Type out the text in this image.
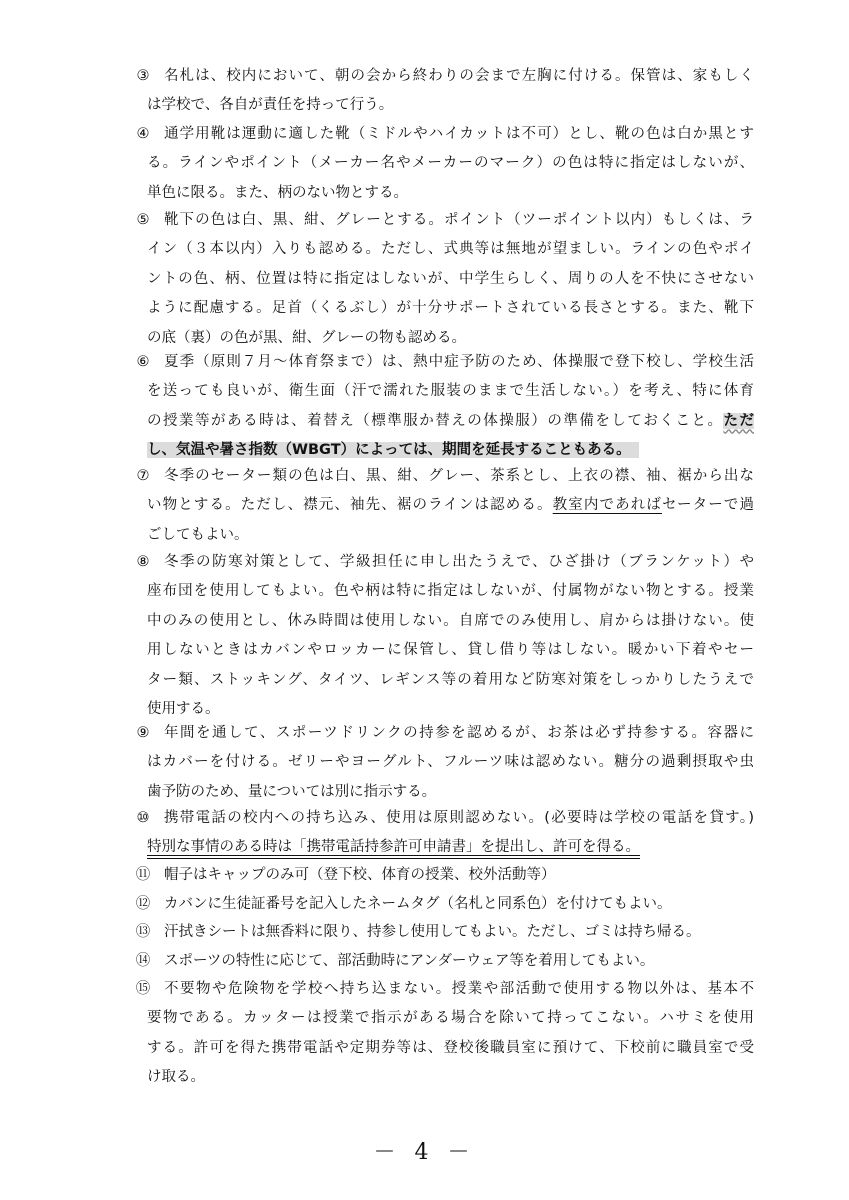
③	名札は、校内において、朝の会から終わりの会まで左胸に付ける。保管は、家もしく
は学校で、各自が責任を持って行う。
④	通学用靴は運動に適した靴（ミドルやハイカットは不可）とし、靴の色は白か黒とす
る。ラインやポイント（メーカー名やメーカーのマーク）の色は特に指定はしないが、
単色に限る。また、柄のない物とする。
⑤	靴下の色は白、黒、紺、グレーとする。ポイント（ツーポイント以内）もしくは、ラ
イン（３本以内）入りも認める。ただし、式典等は無地が望ましい。ラインの色やポイ
ントの色、柄、位置は特に指定はしないが、中学生らしく、周りの人を不快にさせない
ように配慮する。足首（くるぶし）が十分サポートされている長さとする。また、靴下
の底（裏）の色が黒、紺、グレーの物も認める。
⑥	夏季（原則７月～体育祭まで）は、熱中症予防のため、体操服で登下校し、学校生活
を送っても良いが、衛生面（汗で濡れた服装のままで生活しない。）を考え、特に体育
の授業等がある時は、着替え（標準服か替えの体操服）の準備をしておくこと。ただ
し、気温や暑さ指数（WBGT）によっては、期間を延長することもある。
⑦	冬季のセーター類の色は白、黒、紺、グレー、茶系とし、上衣の襟、袖、裾から出な
い物とする。ただし、襟元、袖先、裾のラインは認める。教室内であればセーターで過
ごしてもよい。
⑧	冬季の防寒対策として、学級担任に申し出たうえで、ひざ掛け（ブランケット）や
座布団を使用してもよい。色や柄は特に指定はしないが、付属物がない物とする。授業
中のみの使用とし、休み時間は使用しない。自席でのみ使用し、肩からは掛けない。使
用しないときはカバンやロッカーに保管し、貸し借り等はしない。暖かい下着やセー
ター類、ストッキング、タイツ、レギンス等の着用など防寒対策をしっかりしたうえで
使用する。
⑨	年間を通して、スポーツドリンクの持参を認めるが、お茶は必ず持参する。容器に
はカバーを付ける。ゼリーやヨーグルト、フルーツ味は認めない。糖分の過剰摂取や虫
歯予防のため、量については別に指示する。
⑩	携帯電話の校内への持ち込み、使用は原則認めない。(必要時は学校の電話を貸す。)
特別な事情のある時は「携帯電話持参許可申請書」を提出し、許可を得る。
⑪ 帽子はキャップのみ可（登下校、体育の授業、校外活動等）
⑫ カバンに生徒証番号を記入したネームタグ（名札と同系色）を付けてもよい。
⑬ 汗拭きシートは無香料に限り、持参し使用してもよい。ただし、ゴミは持ち帰る。
⑭ スポーツの特性に応じて、部活動時にアンダーウェア等を着用してもよい。
⑮ 不要物や危険物を学校へ持ち込まない。授業や部活動で使用する物以外は、基本不
要物である。カッターは授業で指示がある場合を除いて持ってこない。ハサミを使用
する。許可を得た携帯電話や定期券等は、登校後職員室に預けて、下校前に職員室で受
け取る。
－ 4 －
